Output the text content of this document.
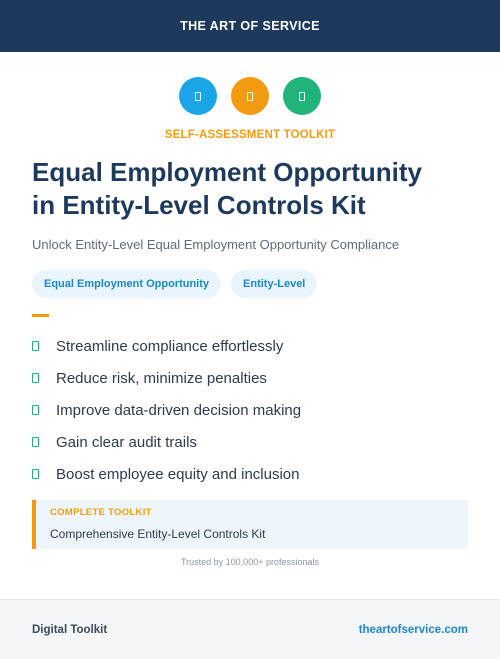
THE ART OF SERVICE
SELF-ASSESSMENT TOOLKIT
Equal Employment Opportunity
in Entity-Level Controls Kit
Unlock Entity-Level Equal Employment Opportunity Compliance
Equal Employment Opportunity	Entity-Level
Streamline compliance effortlessly
Reduce risk, minimize penalties
Improve data-driven decision making
Gain clear audit trails
Boost employee equity and inclusion
COMPLETE TOOLKIT
Comprehensive Entity-Level Controls Kit
Trusted by 100,000+ professionals
Digital Toolkit	theartofservice.com
